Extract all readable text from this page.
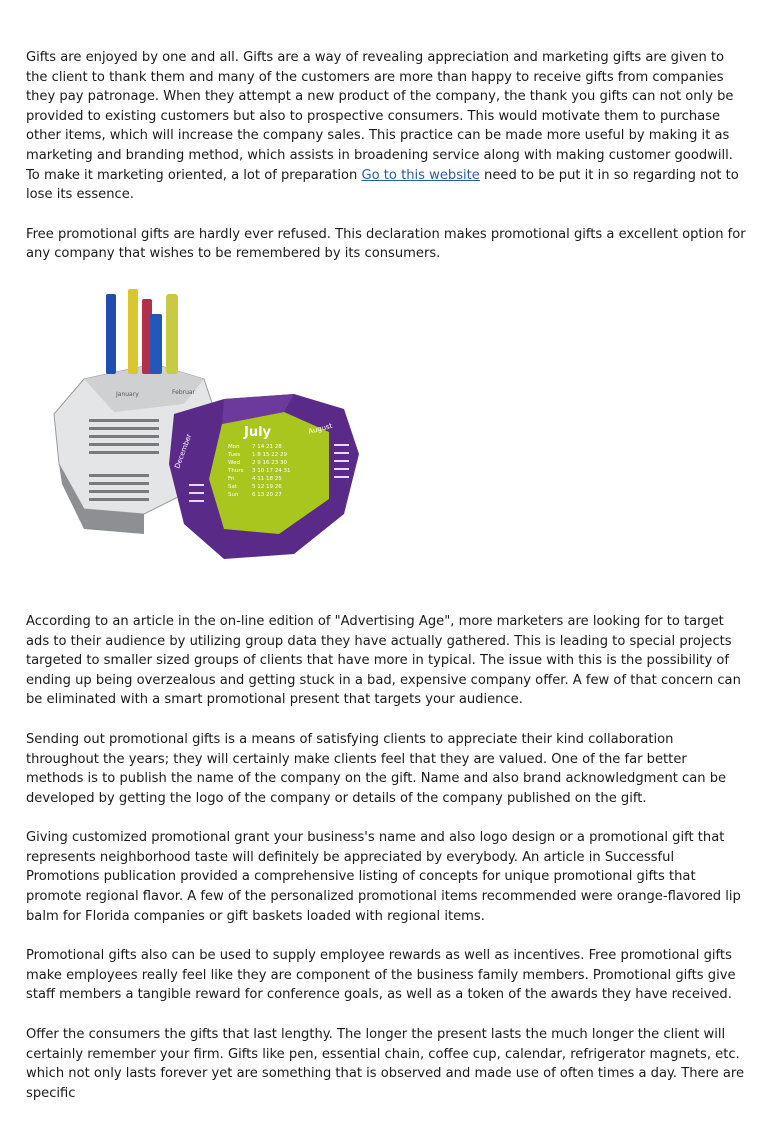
Gifts are enjoyed by one and all. Gifts are a way of revealing appreciation and marketing gifts are given to the client to thank them and many of the customers are more than happy to receive gifts from companies they pay patronage. When they attempt a new product of the company, the thank you gifts can not only be provided to existing customers but also to prospective consumers. This would motivate them to purchase other items, which will increase the company sales. This practice can be made more useful by making it as marketing and branding method, which assists in broadening service along with making customer goodwill. To make it marketing oriented, a lot of preparation Go to this website need to be put it in so regarding not to lose its essence.

Free promotional gifts are hardly ever refused. This declaration makes promotional gifts a excellent option for any company that wishes to be remembered by its consumers.

January	Februar
July	August
December
January
Mon 7 14 21 28
Tues 1 8 15 22 29
Wed 2 9 16 23 30
Thurs 3 10 17 24 31
Fri	4 11 18 25
Sat	5 12 19 26
Sun 6 13 20 27

According to an article in the on-line edition of "Advertising Age", more marketers are looking for to target ads to their audience by utilizing group data they have actually gathered. This is leading to special projects targeted to smaller sized groups of clients that have more in typical. The issue with this is the possibility of ending up being overzealous and getting stuck in a bad, expensive company offer. A few of that concern can be eliminated with a smart promotional present that targets your audience.

Sending out promotional gifts is a means of satisfying clients to appreciate their kind collaboration throughout the years; they will certainly make clients feel that they are valued. One of the far better methods is to publish the name of the company on the gift. Name and also brand acknowledgment can be developed by getting the logo of the company or details of the company published on the gift.

Giving customized promotional grant your business's name and also logo design or a promotional gift that represents neighborhood taste will definitely be appreciated by everybody. An article in Successful Promotions publication provided a comprehensive listing of concepts for unique promotional gifts that promote regional flavor. A few of the personalized promotional items recommended were orange-flavored lip balm for Florida companies or gift baskets loaded with regional items.

Promotional gifts also can be used to supply employee rewards as well as incentives. Free promotional gifts make employees really feel like they are component of the business family members. Promotional gifts give staff members a tangible reward for conference goals, as well as a token of the awards they have received.

Offer the consumers the gifts that last lengthy. The longer the present lasts the much longer the client will certainly remember your firm. Gifts like pen, essential chain, coffee cup, calendar, refrigerator magnets, etc. which not only lasts forever yet are something that is observed and made use of often times a day. There are specific
